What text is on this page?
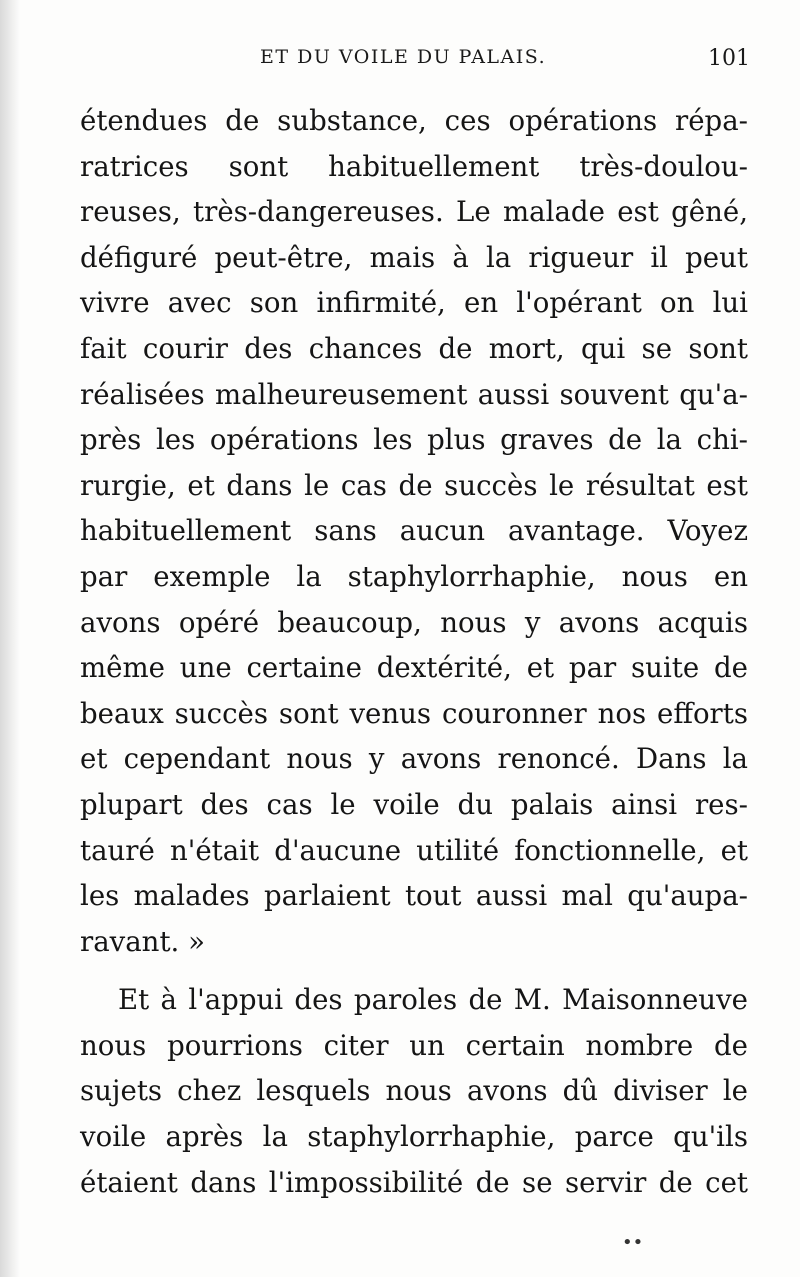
ET DU VOILE DU PALAIS.	101
étendues de substance, ces opérations répa-
ratrices sont habituellement très-doulou-
reuses, très-dangereuses. Le malade est gêné,
défiguré peut-être, mais à la rigueur il peut
vivre avec son infirmité, en l'opérant on lui
fait courir des chances de mort, qui se sont
réalisées malheureusement aussi souvent qu'a-
près les opérations les plus graves de la chi-
rurgie, et dans le cas de succès le résultat est
habituellement sans aucun avantage. Voyez
par exemple la staphylorrhaphie, nous en
avons opéré beaucoup, nous y avons acquis
même une certaine dextérité, et par suite de
beaux succès sont venus couronner nos efforts
et cependant nous y avons renoncé. Dans la
plupart des cas le voile du palais ainsi res-
tauré n'était d'aucune utilité fonctionnelle, et
les malades parlaient tout aussi mal qu'aupa-
ravant. »
Et à l'appui des paroles de M. Maisonneuve
nous pourrions citer un certain nombre de
sujets chez lesquels nous avons dû diviser le
voile après la staphylorrhaphie, parce qu'ils
étaient dans l'impossibilité de se servir de cet
••
